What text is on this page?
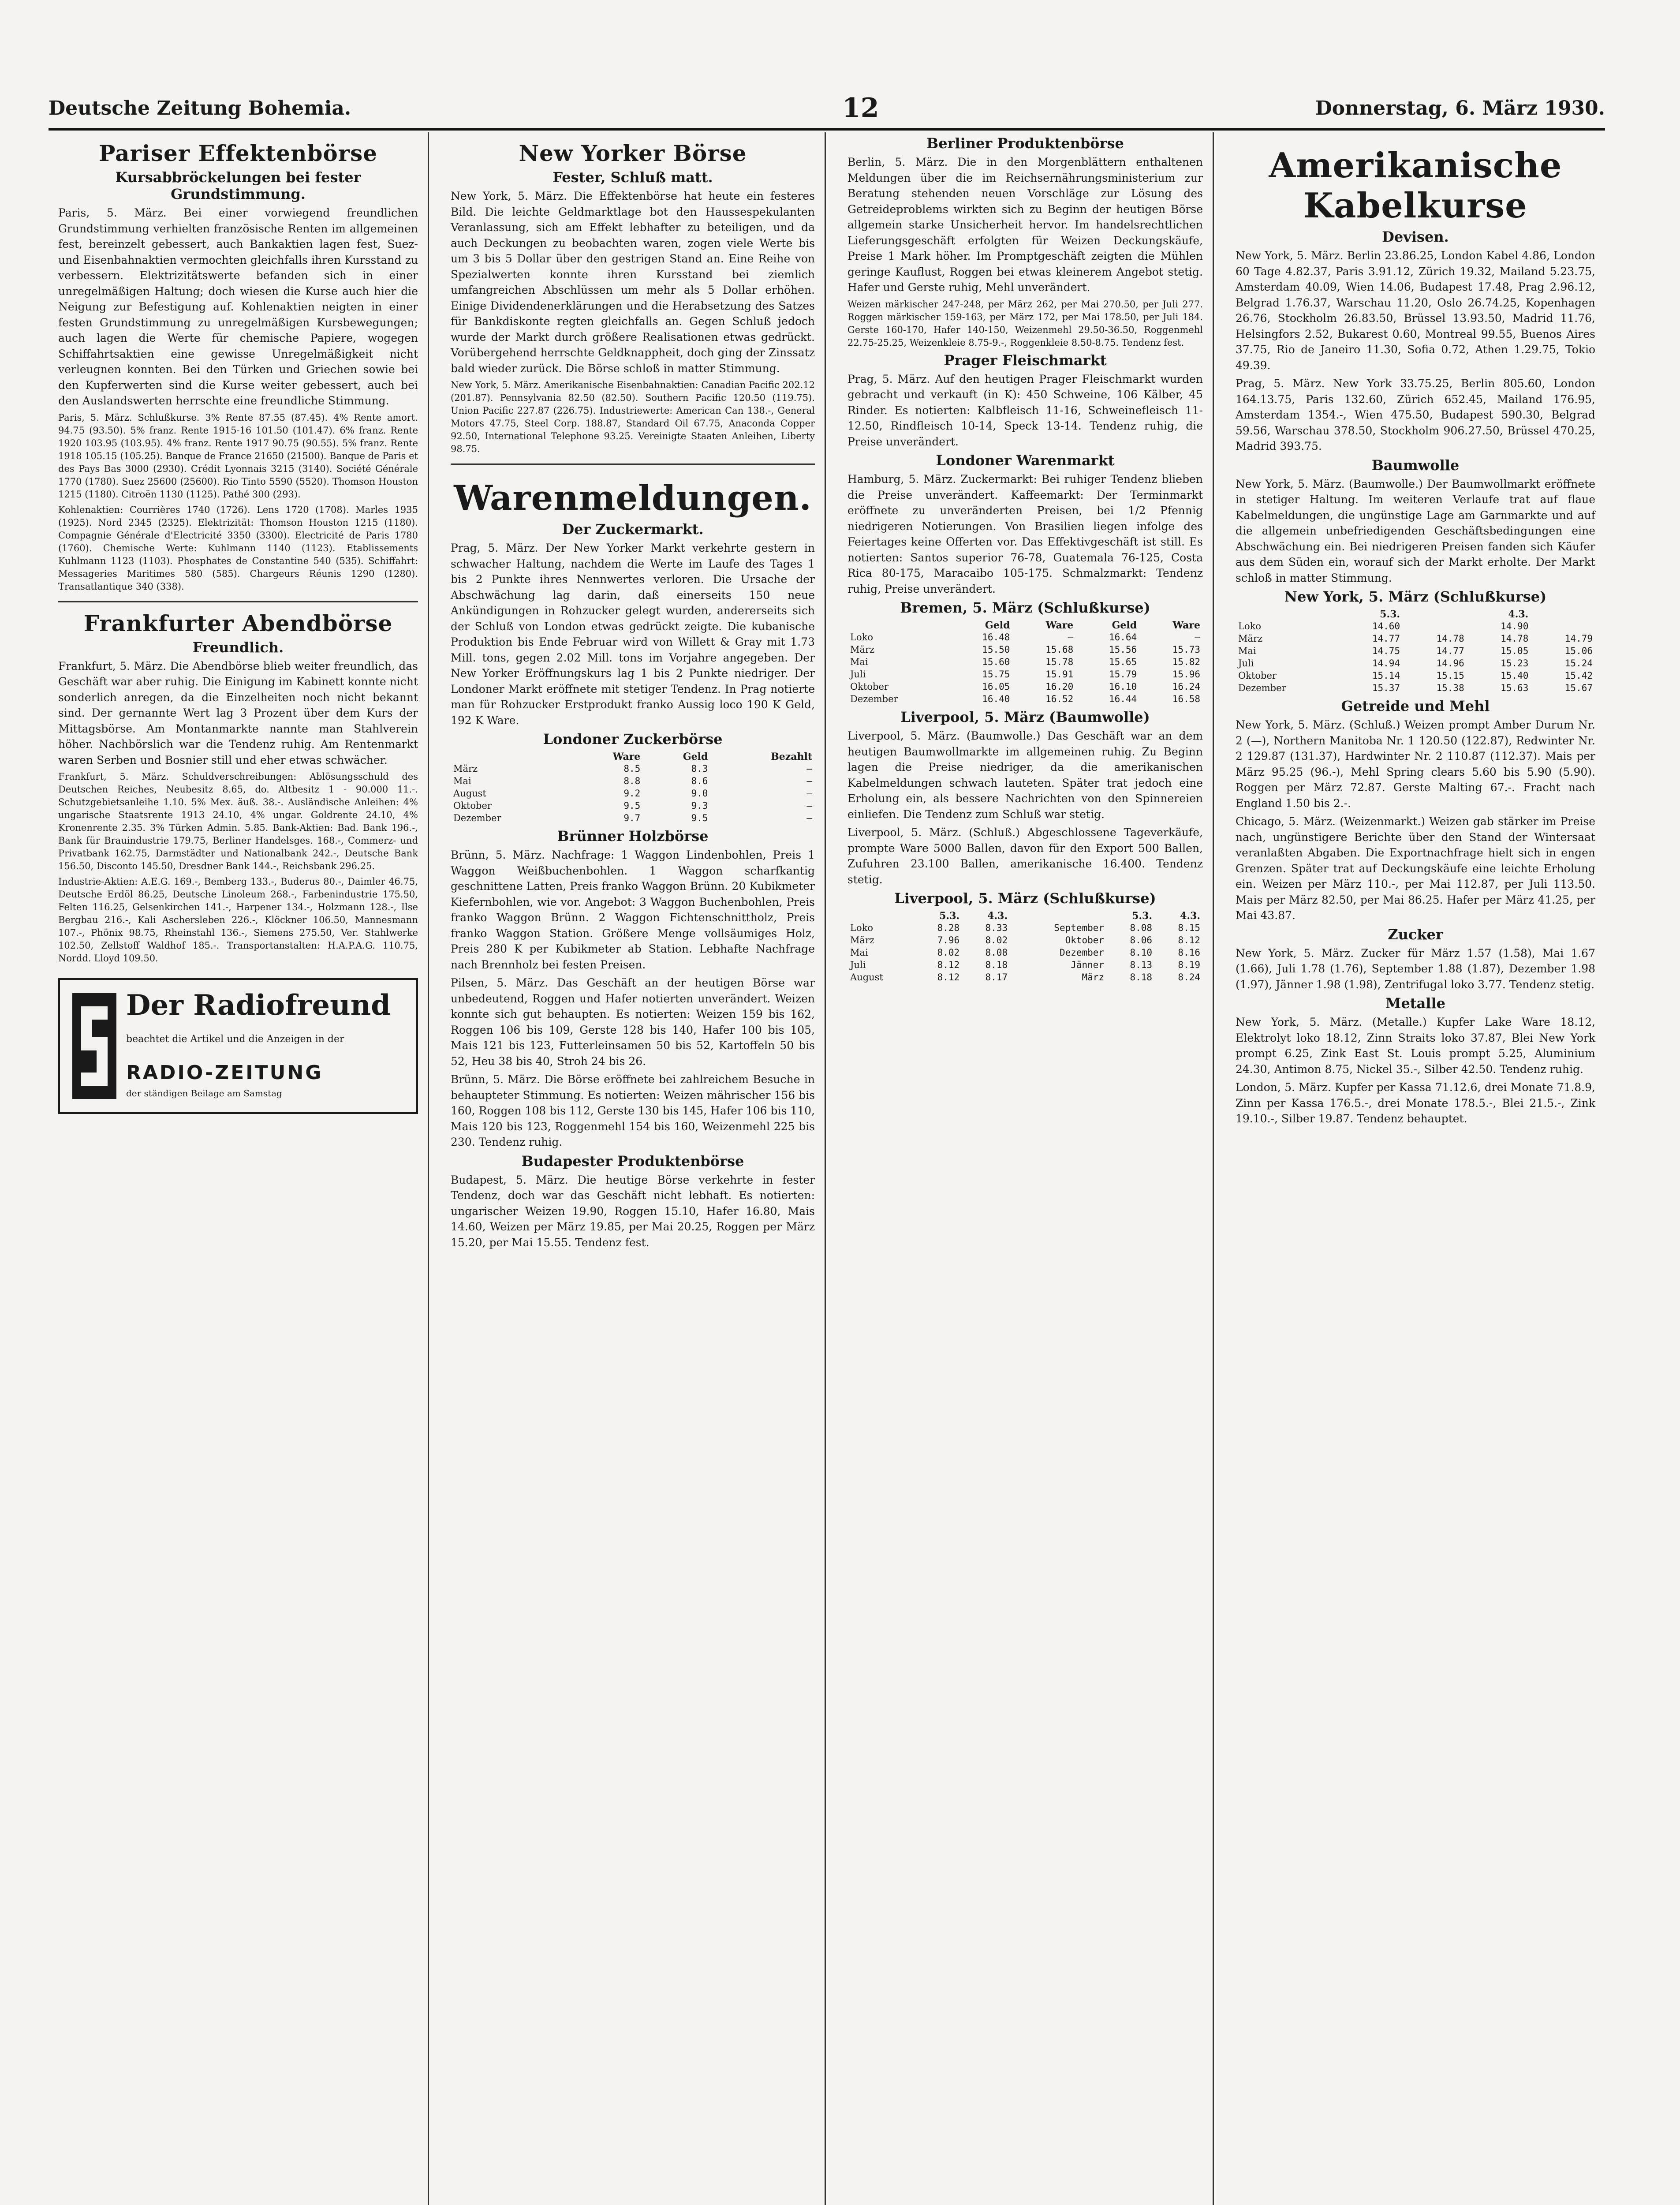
Deutsche Zeitung Bohemia.	12	Donnerstag, 6. März 1930.
Pariser Effektenbörse
Kursabbröckelungen bei fester Grundstimmung.
Paris, 5. März. Bei einer vorwiegend freundlichen Grundstimmung verhielten französische Renten im allgemeinen fest, bereinzelt gebessert, auch Bankaktien lagen fest, Suez- und Eisenbahnaktien vermochten gleichfalls ihren Kursstand zu verbessern. Elektrizitätswerte befanden sich in einer unregelmäßigen Haltung; doch wiesen die Kurse auch hier die Neigung zur Befestigung auf. Kohlenaktien neigten in einer festen Grundstimmung zu unregelmäßigen Kursbewegungen; auch lagen die Werte für chemische Papiere, wogegen Schiffahrtsaktien eine gewisse Unregelmäßigkeit nicht verleugnen konnten. Bei den Türken und Griechen sowie bei den Kupferwerten sind die Kurse weiter gebessert, auch bei den Auslandswerten herrschte eine freundliche Stimmung.
Paris, 5. März. Schlußkurse. 3% Rente 87.55 (87.45). 4% Rente amort. 94.75 (93.50). 5% franz. Rente 1915-16 101.50 (101.47). 6% franz. Rente 1920 103.95 (103.95). 4% franz. Rente 1917 90.75 (90.55). 5% franz. Rente 1918 105.15 (105.25). Banque de France 21650 (21500). Banque de Paris et des Pays Bas 3000 (2930). Crédit Lyonnais 3215 (3140). Société Générale 1770 (1780). Suez 25600 (25600). Rio Tinto 5590 (5520). Thomson Houston 1215 (1180). Citroën 1130 (1125). Pathé 300 (293).
Kohlenaktien: Courrières 1740 (1726). Lens 1720 (1708). Marles 1935 (1925). Nord 2345 (2325). Elektrizität: Thomson Houston 1215 (1180). Compagnie Générale d'Electricité 3350 (3300). Electricité de Paris 1780 (1760). Chemische Werte: Kuhlmann 1140 (1123). Etablissements Kuhlmann 1123 (1103). Phosphates de Constantine 540 (535). Schiffahrt: Messageries Maritimes 580 (585). Chargeurs Réunis 1290 (1280). Transatlantique 340 (338).
Frankfurter Abendbörse
Freundlich.
Frankfurt, 5. März. Die Abendbörse blieb weiter freundlich, das Geschäft war aber ruhig. Die Einigung im Kabinett konnte nicht sonderlich anregen, da die Einzelheiten noch nicht bekannt sind. Der gernannte Wert lag 3 Prozent über dem Kurs der Mittagsbörse. Am Montanmarkte nannte man Stahlverein höher. Nachbörslich war die Tendenz ruhig. Am Rentenmarkt waren Serben und Bosnier still und eher etwas schwächer.
Frankfurt, 5. März. Schuldverschreibungen: Ablösungsschuld des Deutschen Reiches, Neubesitz 8.65, do. Altbesitz 1 - 90.000 11.-. Schutzgebietsanleihe 1.10. 5% Mex. äuß. 38.-. Ausländische Anleihen: 4% ungarische Staatsrente 1913 24.10, 4% ungar. Goldrente 24.10, 4% Kronenrente 2.35. 3% Türken Admin. 5.85. Bank-Aktien: Bad. Bank 196.-, Bank für Brauindustrie 179.75, Berliner Handelsges. 168.-, Commerz- und Privatbank 162.75, Darmstädter und Nationalbank 242.-, Deutsche Bank 156.50, Disconto 145.50, Dresdner Bank 144.-, Reichsbank 296.25.
Industrie-Aktien: A.E.G. 169.-, Bemberg 133.-, Buderus 80.-, Daimler 46.75, Deutsche Erdöl 86.25, Deutsche Linoleum 268.-, Farbenindustrie 175.50, Felten 116.25, Gelsenkirchen 141.-, Harpener 134.-, Holzmann 128.-, Ilse Bergbau 216.-, Kali Aschersleben 226.-, Klöckner 106.50, Mannesmann 107.-, Phönix 98.75, Rheinstahl 136.-, Siemens 275.50, Ver. Stahlwerke 102.50, Zellstoff Waldhof 185.-. Transportanstalten: H.A.P.A.G. 110.75, Nordd. Lloyd 109.50.
Der Radiofreund
beachtet die Artikel und die Anzeigen in der
RADIO-ZEITUNG
der ständigen Beilage am Samstag
New Yorker Börse
Fester, Schluß matt.
New York, 5. März. Die Effektenbörse hat heute ein festeres Bild. Die leichte Geldmarktlage bot den Haussespekulanten Veranlassung, sich am Effekt lebhafter zu beteiligen, und da auch Deckungen zu beobachten waren, zogen viele Werte bis um 3 bis 5 Dollar über den gestrigen Stand an. Eine Reihe von Spezialwerten konnte ihren Kursstand bei ziemlich umfangreichen Abschlüssen um mehr als 5 Dollar erhöhen. Einige Dividendenerklärungen und die Herabsetzung des Satzes für Bankdiskonte regten gleichfalls an. Gegen Schluß jedoch wurde der Markt durch größere Realisationen etwas gedrückt. Vorübergehend herrschte Geldknappheit, doch ging der Zinssatz bald wieder zurück. Die Börse schloß in matter Stimmung.
New York, 5. März. Amerikanische Eisenbahnaktien: Canadian Pacific 202.12 (201.87). Pennsylvania 82.50 (82.50). Southern Pacific 120.50 (119.75). Union Pacific 227.87 (226.75). Industriewerte: American Can 138.-, General Motors 47.75, Steel Corp. 188.87, Standard Oil 67.75, Anaconda Copper 92.50, International Telephone 93.25. Vereinigte Staaten Anleihen, Liberty 98.75.
Warenmeldungen.
Der Zuckermarkt.
Prag, 5. März. Der New Yorker Markt verkehrte gestern in schwacher Haltung, nachdem die Werte im Laufe des Tages 1 bis 2 Punkte ihres Nennwertes verloren. Die Ursache der Abschwächung lag darin, daß einerseits 150 neue Ankündigungen in Rohzucker gelegt wurden, andererseits sich der Schluß von London etwas gedrückt zeigte. Die kubanische Produktion bis Ende Februar wird von Willett & Gray mit 1.73 Mill. tons, gegen 2.02 Mill. tons im Vorjahre angegeben. Der New Yorker Eröffnungskurs lag 1 bis 2 Punkte niedriger. Der Londoner Markt eröffnete mit stetiger Tendenz. In Prag notierte man für Rohzucker Erstprodukt franko Aussig loco 190 K Geld, 192 K Ware.
Londoner Zuckerbörse
	Ware	Geld	Bezahlt
März	8.5	8.3	—
Mai	8.8	8.6	—
August	9.2	9.0	—
Oktober	9.5	9.3	—
Dezember	9.7	9.5	—
Brünner Holzbörse
Brünn, 5. März. Nachfrage: 1 Waggon Lindenbohlen, Preis 1 Waggon Weißbuchenbohlen. 1 Waggon scharfkantig geschnittene Latten, Preis franko Waggon Brünn. 20 Kubikmeter Kiefernbohlen, wie vor. Angebot: 3 Waggon Buchenbohlen, Preis franko Waggon Brünn. 2 Waggon Fichtenschnittholz, Preis franko Waggon Station. Größere Menge vollsäumiges Holz, Preis 280 K per Kubikmeter ab Station. Lebhafte Nachfrage nach Brennholz bei festen Preisen.
Pilsen, 5. März. Das Geschäft an der heutigen Börse war unbedeutend, Roggen und Hafer notierten unverändert. Weizen konnte sich gut behaupten. Es notierten: Weizen 159 bis 162, Roggen 106 bis 109, Gerste 128 bis 140, Hafer 100 bis 105, Mais 121 bis 123, Futterleinsamen 50 bis 52, Kartoffeln 50 bis 52, Heu 38 bis 40, Stroh 24 bis 26.
Brünn, 5. März. Die Börse eröffnete bei zahlreichem Besuche in behaupteter Stimmung. Es notierten: Weizen mährischer 156 bis 160, Roggen 108 bis 112, Gerste 130 bis 145, Hafer 106 bis 110, Mais 120 bis 123, Roggenmehl 154 bis 160, Weizenmehl 225 bis 230. Tendenz ruhig.
Budapester Produktenbörse
Budapest, 5. März. Die heutige Börse verkehrte in fester Tendenz, doch war das Geschäft nicht lebhaft. Es notierten: ungarischer Weizen 19.90, Roggen 15.10, Hafer 16.80, Mais 14.60, Weizen per März 19.85, per Mai 20.25, Roggen per März 15.20, per Mai 15.55. Tendenz fest.
Berliner Produktenbörse
Berlin, 5. März. Die in den Morgenblättern enthaltenen Meldungen über die im Reichsernährungsministerium zur Beratung stehenden neuen Vorschläge zur Lösung des Getreideproblems wirkten sich zu Beginn der heutigen Börse allgemein starke Unsicherheit hervor. Im handelsrechtlichen Lieferungsgeschäft erfolgten für Weizen Deckungskäufe, Preise 1 Mark höher. Im Promptgeschäft zeigten die Mühlen geringe Kauflust, Roggen bei etwas kleinerem Angebot stetig. Hafer und Gerste ruhig, Mehl unverändert.
Weizen märkischer 247-248, per März 262, per Mai 270.50, per Juli 277. Roggen märkischer 159-163, per März 172, per Mai 178.50, per Juli 184. Gerste 160-170, Hafer 140-150, Weizenmehl 29.50-36.50, Roggenmehl 22.75-25.25, Weizenkleie 8.75-9.-, Roggenkleie 8.50-8.75. Tendenz fest.
Prager Fleischmarkt
Prag, 5. März. Auf den heutigen Prager Fleischmarkt wurden gebracht und verkauft (in K): 450 Schweine, 106 Kälber, 45 Rinder. Es notierten: Kalbfleisch 11-16, Schweinefleisch 11-12.50, Rindfleisch 10-14, Speck 13-14. Tendenz ruhig, die Preise unverändert.
Londoner Warenmarkt
Hamburg, 5. März. Zuckermarkt: Bei ruhiger Tendenz blieben die Preise unverändert. Kaffeemarkt: Der Terminmarkt eröffnete zu unveränderten Preisen, bei 1/2 Pfennig niedrigeren Notierungen. Von Brasilien liegen infolge des Feiertages keine Offerten vor. Das Effektivgeschäft ist still. Es notierten: Santos superior 76-78, Guatemala 76-125, Costa Rica 80-175, Maracaibo 105-175. Schmalzmarkt: Tendenz ruhig, Preise unverändert.
Bremen, 5. März (Schlußkurse)
	Geld	Ware	Geld	Ware
Loko	16.48	—	16.64	—
März	15.50	15.68	15.56	15.73
Mai	15.60	15.78	15.65	15.82
Juli	15.75	15.91	15.79	15.96
Oktober	16.05	16.20	16.10	16.24
Dezember	16.40	16.52	16.44	16.58
Liverpool, 5. März (Baumwolle)
Liverpool, 5. März. (Baumwolle.) Das Geschäft war an dem heutigen Baumwollmarkte im allgemeinen ruhig. Zu Beginn lagen die Preise niedriger, da die amerikanischen Kabelmeldungen schwach lauteten. Später trat jedoch eine Erholung ein, als bessere Nachrichten von den Spinnereien einliefen. Die Tendenz zum Schluß war stetig.
Liverpool, 5. März. (Schluß.) Abgeschlossene Tageverkäufe, prompte Ware 5000 Ballen, davon für den Export 500 Ballen, Zufuhren 23.100 Ballen, amerikanische 16.400. Tendenz stetig.
Liverpool, 5. März (Schlußkurse)
	5.3.	4.3.		5.3.	4.3.
Loko	8.28	8.33	September	8.08	8.15
März	7.96	8.02	Oktober	8.06	8.12
Mai	8.02	8.08	Dezember	8.10	8.16
Juli	8.12	8.18	Jänner	8.13	8.19
August	8.12	8.17	März	8.18	8.24
Amerikanische Kabelkurse
Devisen.
New York, 5. März. Berlin 23.86.25, London Kabel 4.86, London 60 Tage 4.82.37, Paris 3.91.12, Zürich 19.32, Mailand 5.23.75, Amsterdam 40.09, Wien 14.06, Budapest 17.48, Prag 2.96.12, Belgrad 1.76.37, Warschau 11.20, Oslo 26.74.25, Kopenhagen 26.76, Stockholm 26.83.50, Brüssel 13.93.50, Madrid 11.76, Helsingfors 2.52, Bukarest 0.60, Montreal 99.55, Buenos Aires 37.75, Rio de Janeiro 11.30, Sofia 0.72, Athen 1.29.75, Tokio 49.39.
Prag, 5. März. New York 33.75.25, Berlin 805.60, London 164.13.75, Paris 132.60, Zürich 652.45, Mailand 176.95, Amsterdam 1354.-, Wien 475.50, Budapest 590.30, Belgrad 59.56, Warschau 378.50, Stockholm 906.27.50, Brüssel 470.25, Madrid 393.75.
Baumwolle
New York, 5. März. (Baumwolle.) Der Baumwollmarkt eröffnete in stetiger Haltung. Im weiteren Verlaufe trat auf flaue Kabelmeldungen, die ungünstige Lage am Garnmarkte und auf die allgemein unbefriedigenden Geschäftsbedingungen eine Abschwächung ein. Bei niedrigeren Preisen fanden sich Käufer aus dem Süden ein, worauf sich der Markt erholte. Der Markt schloß in matter Stimmung.
New York, 5. März (Schlußkurse)
	5.3.		4.3.	
Loko	14.60		14.90	
März	14.77	14.78	14.78	14.79
Mai	14.75	14.77	15.05	15.06
Juli	14.94	14.96	15.23	15.24
Oktober	15.14	15.15	15.40	15.42
Dezember	15.37	15.38	15.63	15.67
Getreide und Mehl
New York, 5. März. (Schluß.) Weizen prompt Amber Durum Nr. 2 (—), Northern Manitoba Nr. 1 120.50 (122.87), Redwinter Nr. 2 129.87 (131.37), Hardwinter Nr. 2 110.87 (112.37). Mais per März 95.25 (96.-), Mehl Spring clears 5.60 bis 5.90 (5.90). Roggen per März 72.87. Gerste Malting 67.-. Fracht nach England 1.50 bis 2.-.
Chicago, 5. März. (Weizenmarkt.) Weizen gab stärker im Preise nach, ungünstigere Berichte über den Stand der Wintersaat veranlaßten Abgaben. Die Exportnachfrage hielt sich in engen Grenzen. Später trat auf Deckungskäufe eine leichte Erholung ein. Weizen per März 110.-, per Mai 112.87, per Juli 113.50. Mais per März 82.50, per Mai 86.25. Hafer per März 41.25, per Mai 43.87.
Zucker
New York, 5. März. Zucker für März 1.57 (1.58), Mai 1.67 (1.66), Juli 1.78 (1.76), September 1.88 (1.87), Dezember 1.98 (1.97), Jänner 1.98 (1.98), Zentrifugal loko 3.77. Tendenz stetig.
Metalle
New York, 5. März. (Metalle.) Kupfer Lake Ware 18.12, Elektrolyt loko 18.12, Zinn Straits loko 37.87, Blei New York prompt 6.25, Zink East St. Louis prompt 5.25, Aluminium 24.30, Antimon 8.75, Nickel 35.-, Silber 42.50. Tendenz ruhig.
London, 5. März. Kupfer per Kassa 71.12.6, drei Monate 71.8.9, Zinn per Kassa 176.5.-, drei Monate 178.5.-, Blei 21.5.-, Zink 19.10.-, Silber 19.87. Tendenz behauptet.
